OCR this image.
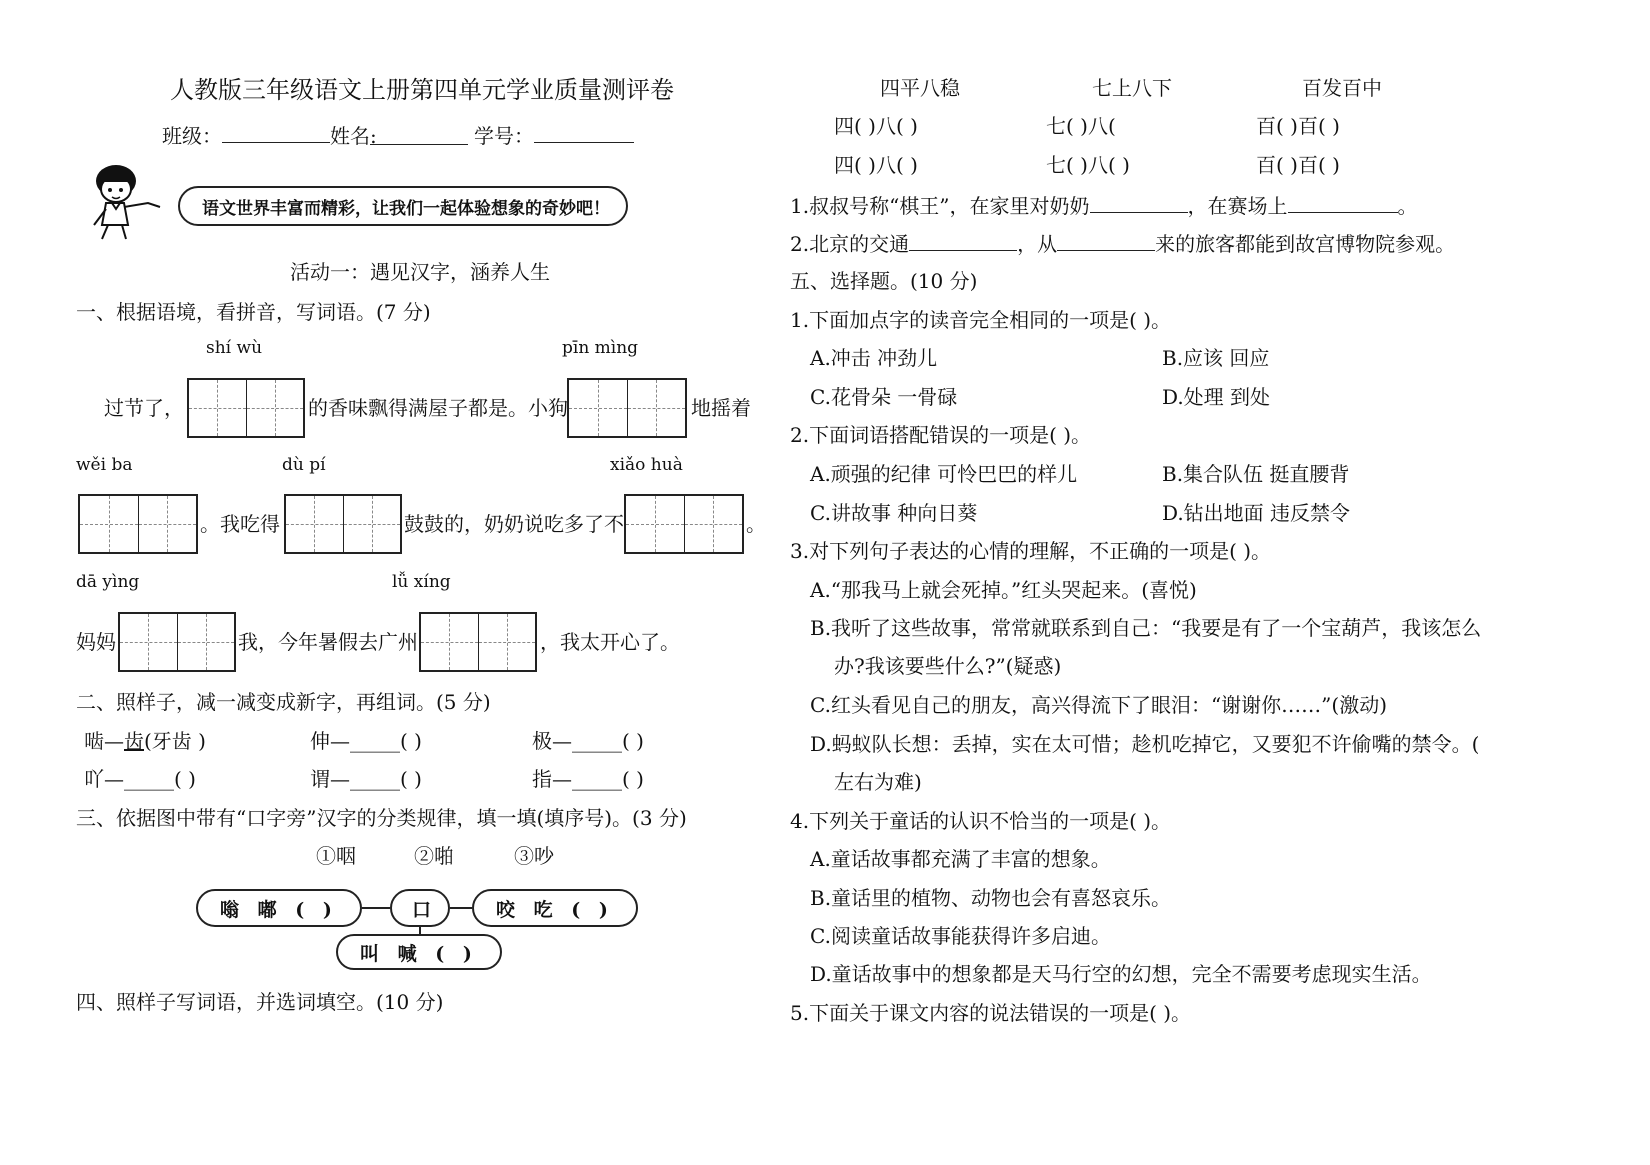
人教版三年级语文上册第四单元学业质量测评卷
班级：	姓名:	学号：
语文世界丰富而精彩，让我们一起体验想象的奇妙吧！
活动一：遇见汉字，涵养人生
一、根据语境，看拼音，写词语。(7 分)
shí wù	pīn mìng
过节了，	的香味飘得满屋子都是。小狗	地摇着
wěi ba	dù pí	xiǎo huà
。我吃得	鼓鼓的，奶奶说吃多了不	。
dā yìng	lǚ xíng
妈妈	我，今年暑假去广州	，我太开心了。
二、照样子，减一减变成新字，再组词。(5 分)
啮—齿(牙齿 )	伸—_____( )	极—_____( )
吖—_____( )	谓—_____( )	指—_____( )
三、依据图中带有“口字旁”汉字的分类规律，填一填(填序号)。(3 分)
①咽	②啪	③吵
嗡 嘟 ( )	口	咬 吃 ( )
叫 喊 ( )
四、照样子写词语，并选词填空。(10 分)
四平八稳	七上八下	百发百中
四( )八( )	七( )八(	百( )百( )
四( )八( )	七( )八( )	百( )百( )
1.叔叔号称“棋王”，在家里对奶奶	，在赛场上	。
2.北京的交通	，从	来的旅客都能到故宫博物院参观。
五、选择题。(10 分)
1.下面加点字的读音完全相同的一项是( )。
A.冲击 冲劲儿	B.应该 回应
C.花骨朵 一骨碌	D.处理 到处
2.下面词语搭配错误的一项是( )。
A.顽强的纪律 可怜巴巴的样儿	B.集合队伍 挺直腰背
C.讲故事 种向日葵	D.钻出地面 违反禁令
3.对下列句子表达的心情的理解，不正确的一项是( )。
A.“那我马上就会死掉。”红头哭起来。(喜悦)
B.我听了这些故事，常常就联系到自己：“我要是有了一个宝葫芦，我该怎么
办?我该要些什么?”(疑惑)
C.红头看见自己的朋友，高兴得流下了眼泪：“谢谢你……”(激动)
D.蚂蚁队长想：丢掉，实在太可惜；趁机吃掉它，又要犯不许偷嘴的禁令。(
左右为难)
4.下列关于童话的认识不恰当的一项是( )。
A.童话故事都充满了丰富的想象。
B.童话里的植物、动物也会有喜怒哀乐。
C.阅读童话故事能获得许多启迪。
D.童话故事中的想象都是天马行空的幻想，完全不需要考虑现实生活。
5.下面关于课文内容的说法错误的一项是( )。
